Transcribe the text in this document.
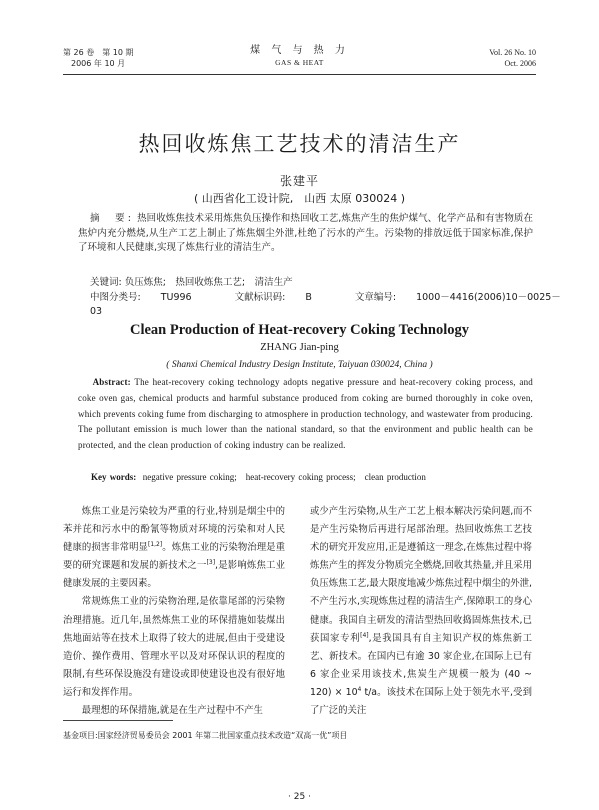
第 26 卷　第 10 期
2006 年 10 月
煤 气 与 热 力
GAS & HEAT
Vol. 26 No. 10
Oct. 2006
热回收炼焦工艺技术的清洁生产
张建平
( 山西省化工设计院,　山西 太原 030024 )
摘　要: 热回收炼焦技术采用炼焦负压操作和热回收工艺,炼焦产生的焦炉煤气、化学产品和有害物质在焦炉内充分燃烧,从生产工艺上制止了炼焦烟尘外泄,杜绝了污水的产生。污染物的排放远低于国家标准,保护了环境和人民健康,实现了炼焦行业的清洁生产。
关键词: 负压炼焦;　热回收炼焦工艺;　清洁生产
中图分类号: TU996	文献标识码: B	文章编号: 1000－4416(2006)10－0025－03
Clean Production of Heat-recovery Coking Technology
ZHANG Jian-ping
( Shanxi Chemical Industry Design Institute, Taiyuan 030024, China )
Abstract: The heat-recovery coking technology adopts negative pressure and heat-recovery coking process, and coke oven gas, chemical products and harmful substance produced from coking are burned thoroughly in coke oven, which prevents coking fume from discharging to atmosphere in production technology, and wastewater from producing. The pollutant emission is much lower than the national standard, so that the environment and public health can be protected, and the clean production of coking industry can be realized.
Key words: negative pressure coking;　heat-recovery coking process;　clean production

炼焦工业是污染较为严重的行业,特别是烟尘中的苯并芘和污水中的酚氰等物质对环境的污染和对人民健康的损害非常明显[1,2]。炼焦工业的污染物治理是重要的研究课题和发展的新技术之一[3],是影响炼焦工业健康发展的主要因素。

常规炼焦工业的污染物治理,是依靠尾部的污染物治理措施。近几年,虽然炼焦工业的环保措施如装煤出焦地面站等在技术上取得了较大的进展,但由于受建设造价、操作费用、管理水平以及对环保认识的程度的限制,有些环保设施没有建设或即使建设也没有很好地运行和发挥作用。

最理想的环保措施,就是在生产过程中不产生

或少产生污染物,从生产工艺上根本解决污染问题,而不是产生污染物后再进行尾部治理。热回收炼焦工艺技术的研究开发应用,正是遵循这一理念,在炼焦过程中将炼焦产生的挥发分物质完全燃烧,回收其热量,并且采用负压炼焦工艺,最大限度地减少炼焦过程中烟尘的外泄,不产生污水,实现炼焦过程的清洁生产,保障职工的身心健康。我国自主研发的清洁型热回收捣固炼焦技术,已获国家专利[4],是我国具有自主知识产权的炼焦新工艺、新技术。在国内已有逾 30 家企业,在国际上已有 6 家企业采用该技术,焦炭生产规模一般为 (40 ~ $120) \times 10^4$ t/a。该技术在国际上处于领先水平,受到了广泛的关注

基金项目:国家经济贸易委员会 2001 年第二批国家重点技术改造“双高一优”项目
· 25 ·
